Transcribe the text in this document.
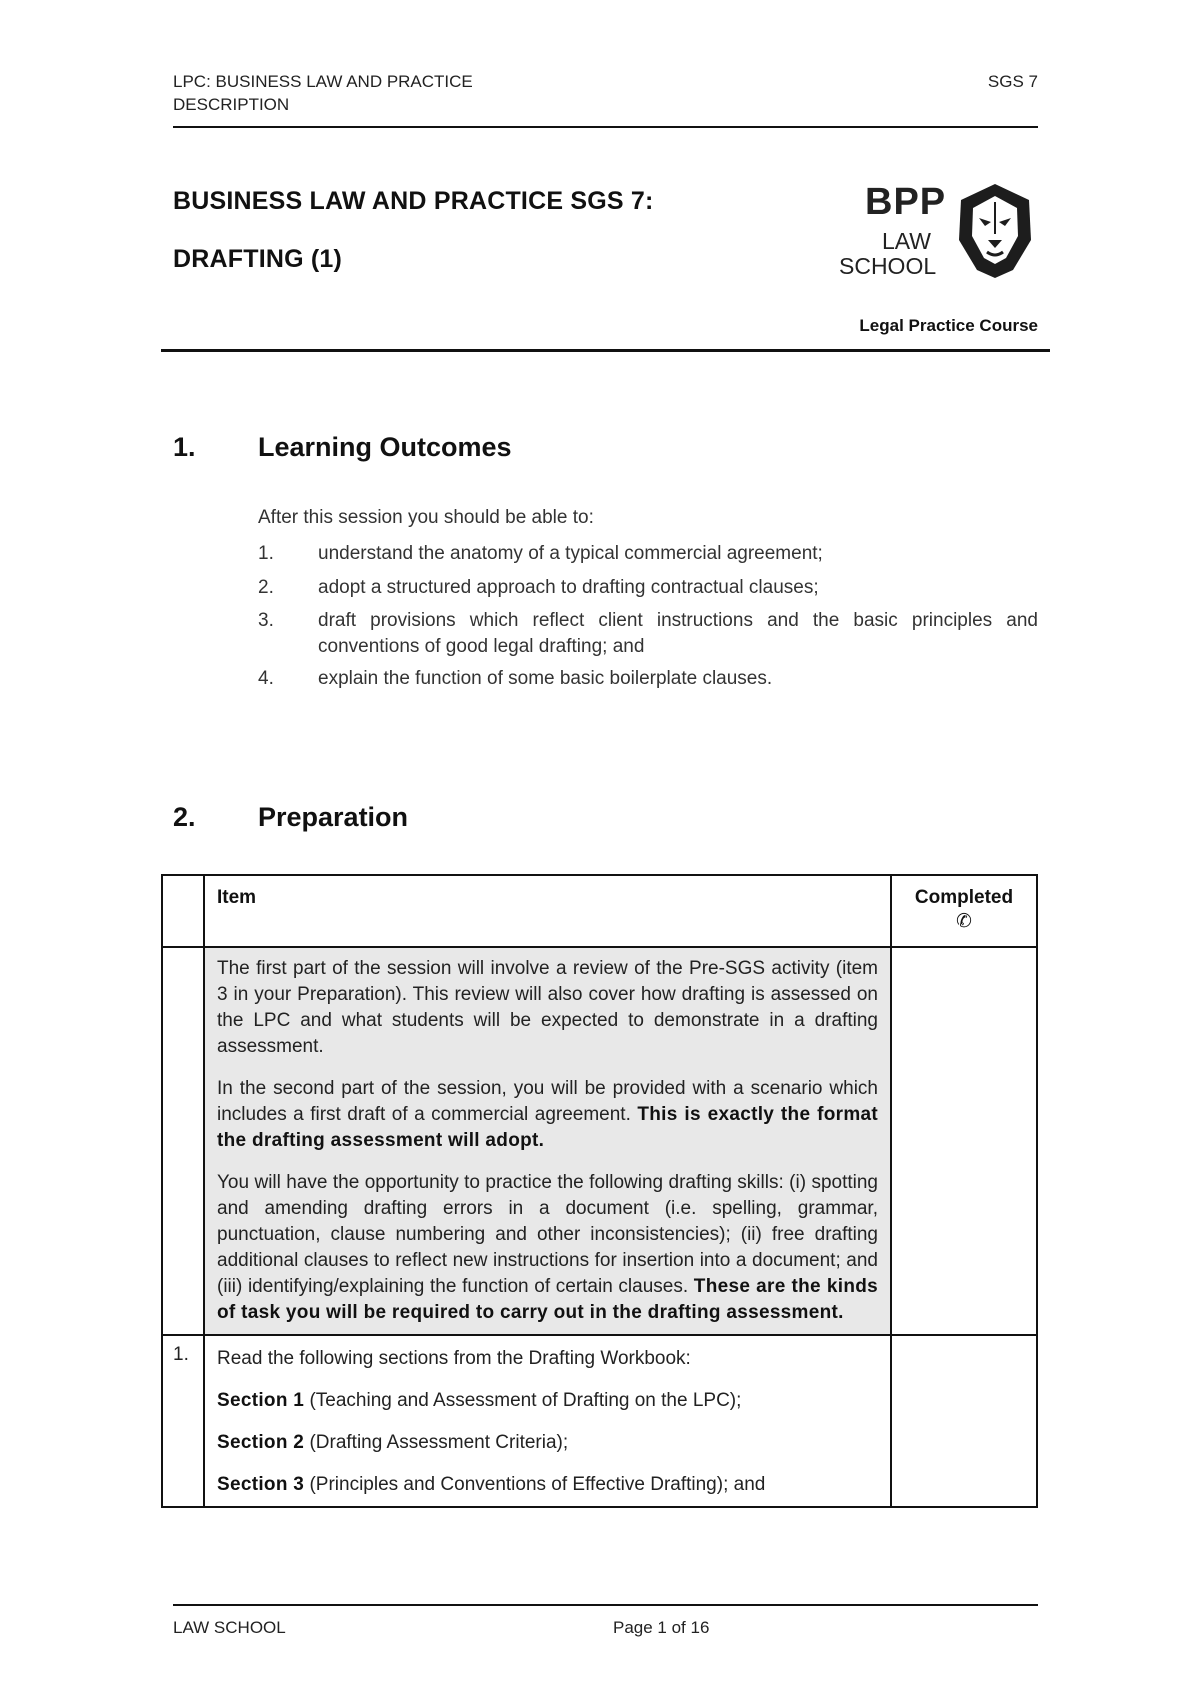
LPC: BUSINESS LAW AND PRACTICE
DESCRIPTION
SGS 7
BUSINESS LAW AND PRACTICE SGS 7:
DRAFTING (1)
BPP
LAW
SCHOOL
Legal Practice Course
1. Learning Outcomes
After this session you should be able to:
1. understand the anatomy of a typical commercial agreement;
2. adopt a structured approach to drafting contractual clauses;
3. draft provisions which reflect client instructions and the basic principles and conventions of good legal drafting; and
4. explain the function of some basic boilerplate clauses.
2. Preparation
	Item	Completed
✆

	The first part of the session will involve a review of the Pre-SGS activity (item 3 in your Preparation). This review will also cover how drafting is assessed on the LPC and what students will be expected to demonstrate in a drafting assessment.

In the second part of the session, you will be provided with a scenario which includes a first draft of a commercial agreement. This is exactly the format the drafting assessment will adopt.

You will have the opportunity to practice the following drafting skills: (i) spotting and amending drafting errors in a document (i.e. spelling, grammar, punctuation, clause numbering and other inconsistencies); (ii) free drafting additional clauses to reflect new instructions for insertion into a document; and (iii) identifying/explaining the function of certain clauses. These are the kinds of task you will be required to carry out in the drafting assessment.	

1.	Read the following sections from the Drafting Workbook:

Section 1 (Teaching and Assessment of Drafting on the LPC);

Section 2 (Drafting Assessment Criteria);

Section 3 (Principles and Conventions of Effective Drafting); and	

LAW SCHOOL	Page 1 of 16
